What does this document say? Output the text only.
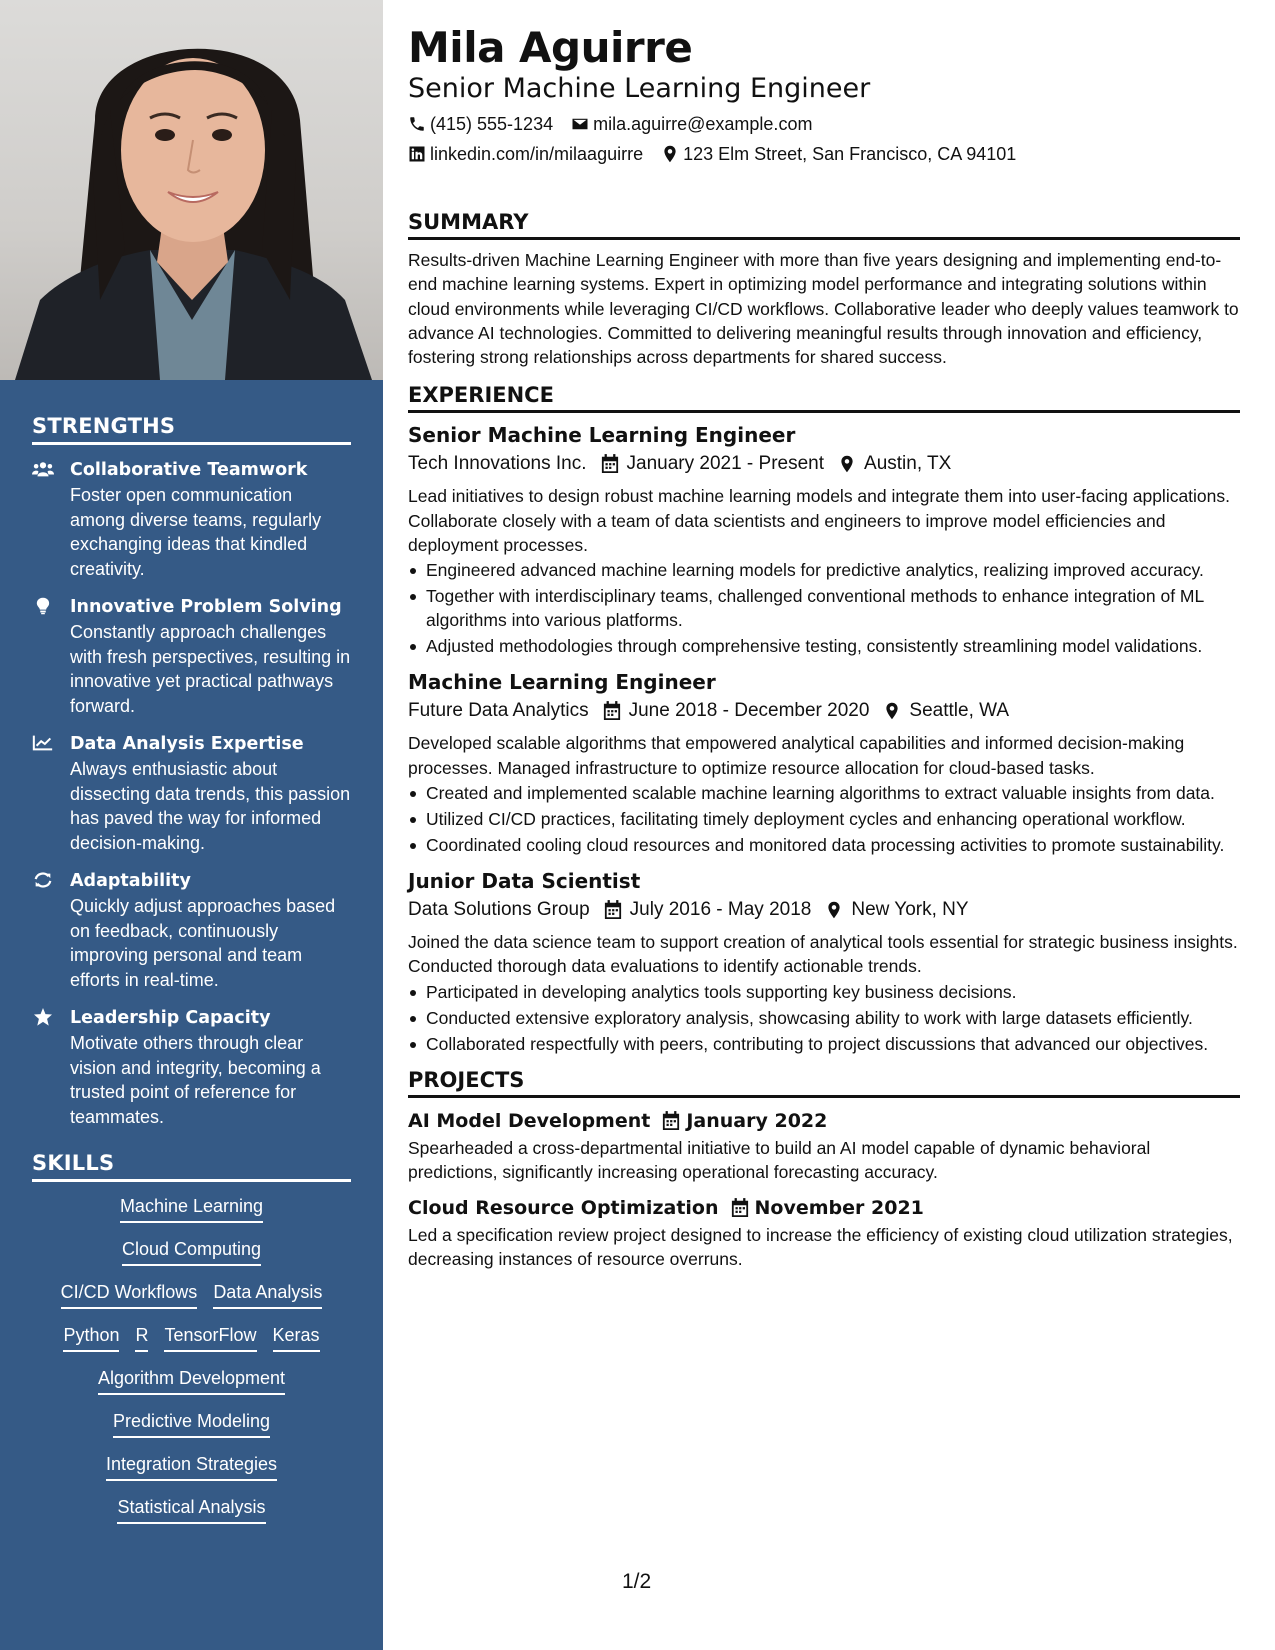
STRENGTHS
Collaborative Teamwork
Foster open communication among diverse teams, regularly exchanging ideas that kindled creativity.
Innovative Problem Solving
Constantly approach challenges with fresh perspectives, resulting in innovative yet practical pathways forward.
Data Analysis Expertise
Always enthusiastic about dissecting data trends, this passion has paved the way for informed decision-making.
Adaptability
Quickly adjust approaches based on feedback, continuously improving personal and team efforts in real-time.
Leadership Capacity
Motivate others through clear vision and integrity, becoming a trusted point of reference for teammates.
SKILLS
Machine Learning
Cloud Computing
CI/CD Workflows Data Analysis
Python R TensorFlow Keras
Algorithm Development
Predictive Modeling
Integration Strategies
Statistical Analysis
Mila Aguirre
Senior Machine Learning Engineer
(415) 555-1234 mila.aguirre@example.com
linkedin.com/in/milaaguirre 123 Elm Street, San Francisco, CA 94101
SUMMARY

Results-driven Machine Learning Engineer with more than five years designing and implementing end-to-end machine learning systems. Expert in optimizing model performance and integrating solutions within cloud environments while leveraging CI/CD workflows. Collaborative leader who deeply values teamwork to advance AI technologies. Committed to delivering meaningful results through innovation and efficiency, fostering strong relationships across departments for shared success.

EXPERIENCE
Senior Machine Learning Engineer
Tech Innovations Inc. January 2021 - Present Austin, TX

Lead initiatives to design robust machine learning models and integrate them into user-facing applications. Collaborate closely with a team of data scientists and engineers to improve model efficiencies and deployment processes.

Engineered advanced machine learning models for predictive analytics, realizing improved accuracy.
Together with interdisciplinary teams, challenged conventional methods to enhance integration of ML algorithms into various platforms.
Adjusted methodologies through comprehensive testing, consistently streamlining model validations.
Machine Learning Engineer
Future Data Analytics June 2018 - December 2020 Seattle, WA

Developed scalable algorithms that empowered analytical capabilities and informed decision-making processes. Managed infrastructure to optimize resource allocation for cloud-based tasks.

Created and implemented scalable machine learning algorithms to extract valuable insights from data.
Utilized CI/CD practices, facilitating timely deployment cycles and enhancing operational workflow.
Coordinated cooling cloud resources and monitored data processing activities to promote sustainability.
Junior Data Scientist
Data Solutions Group July 2016 - May 2018 New York, NY

Joined the data science team to support creation of analytical tools essential for strategic business insights. Conducted thorough data evaluations to identify actionable trends.

Participated in developing analytics tools supporting key business decisions.
Conducted extensive exploratory analysis, showcasing ability to work with large datasets efficiently.
Collaborated respectfully with peers, contributing to project discussions that advanced our objectives.
PROJECTS
AI Model Development January 2022

Spearheaded a cross-departmental initiative to build an AI model capable of dynamic behavioral predictions, significantly increasing operational forecasting accuracy.

Cloud Resource Optimization November 2021

Led a specification review project designed to increase the efficiency of existing cloud utilization strategies, decreasing instances of resource overruns.

1/2
